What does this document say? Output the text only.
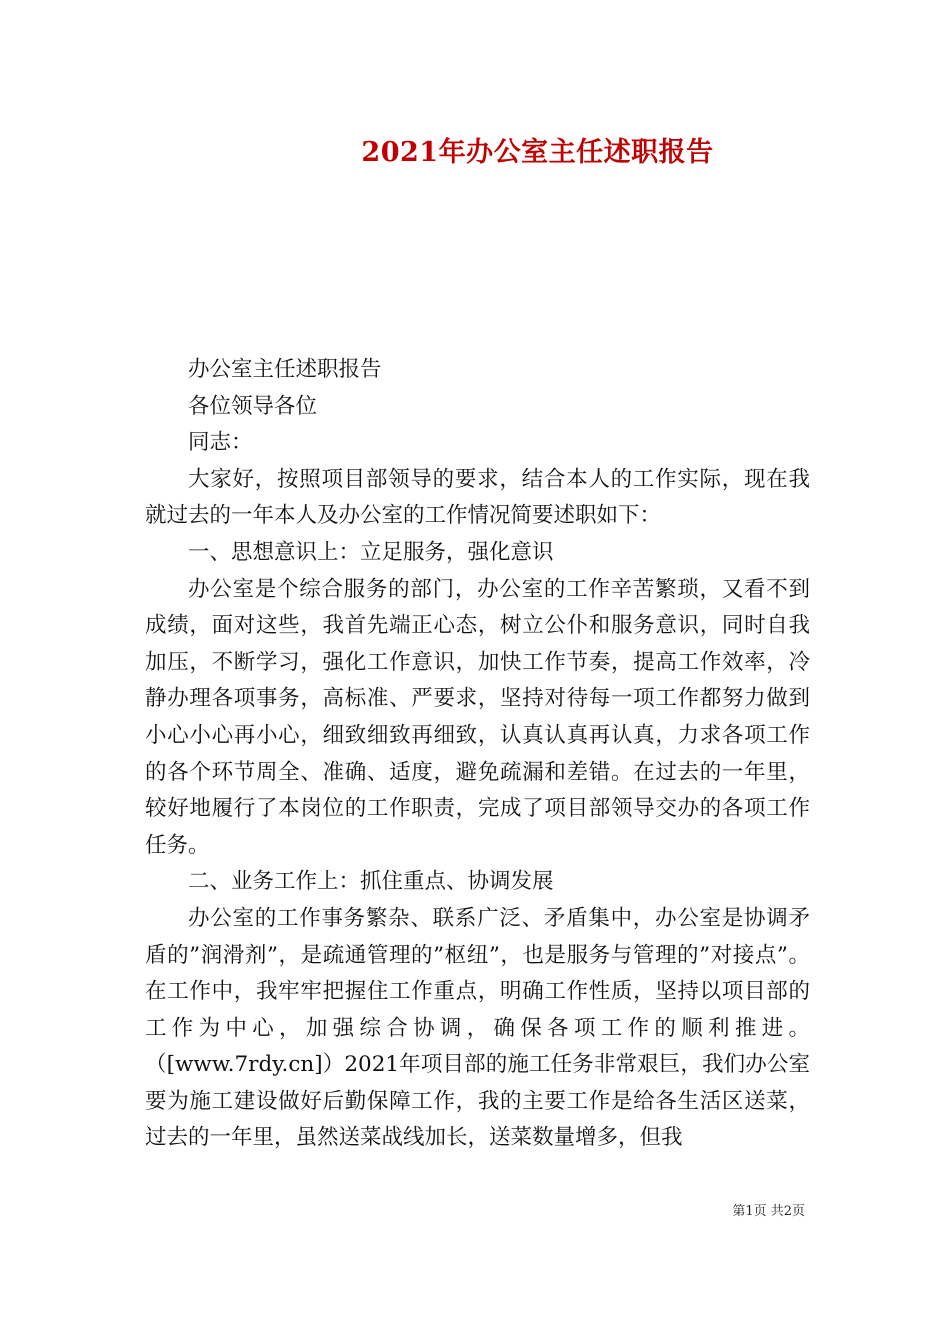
2021年办公室主任述职报告

办公室主任述职报告

各位领导各位

同志：

大家好，按照项目部领导的要求，结合本人的工作实际，现在我就过去的一年本人及办公室的工作情况简要述职如下：

一、思想意识上：立足服务，强化意识

办公室是个综合服务的部门，办公室的工作辛苦繁琐，又看不到成绩，面对这些，我首先端正心态，树立公仆和服务意识，同时自我加压，不断学习，强化工作意识，加快工作节奏，提高工作效率，冷静办理各项事务，高标准、严要求，坚持对待每一项工作都努力做到小心小心再小心，细致细致再细致，认真认真再认真，力求各项工作的各个环节周全、准确、适度，避免疏漏和差错。在过去的一年里，较好地履行了本岗位的工作职责，完成了项目部领导交办的各项工作任务。

二、业务工作上：抓住重点、协调发展

办公室的工作事务繁杂、联系广泛、矛盾集中，办公室是协调矛盾的”润滑剂”，是疏通管理的”枢纽”，也是服务与管理的”对接点”。在工作中，我牢牢把握住工作重点，明确工作性质，坚持以项目部的工作为中心，加强综合协调，确保各项工作的顺利推进。（[www.7rdy.cn]）2021年项目部的施工任务非常艰巨，我们办公室要为施工建设做好后勤保障工作，我的主要工作是给各生活区送菜，过去的一年里，虽然送菜战线加长，送菜数量增多，但我

第1页 共2页
